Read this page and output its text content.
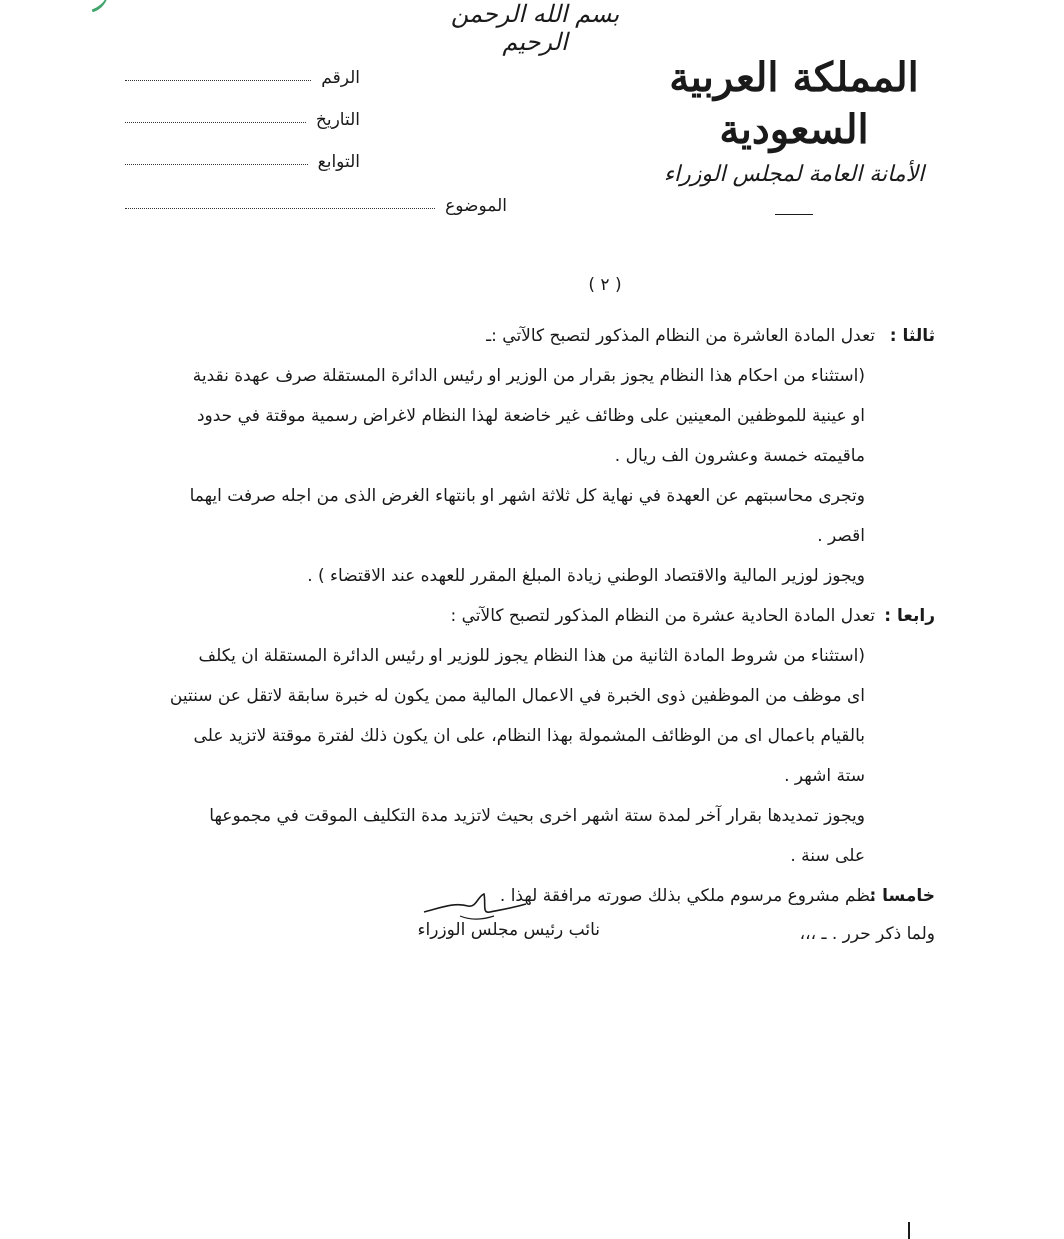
بسم الله الرحمن الرحيم
المملكة العربية السعودية
الأمانة العامة لمجلس الوزراء
الرقم
التاريخ
التوابع
الموضوع
( ٢ )
ثالثا :تعدل المادة العاشرة من النظام المذكور لتصبح كالآتي :ـ
(استثناء من احكام هذا النظام يجوز بقرار من الوزير او رئيس الدائرة المستقلة صرف عهدة نقدية
او عينية للموظفين المعينين على وظائف غير خاضعة لهذا النظام لاغراض رسمية موقتة في حدود
ماقيمته خمسة وعشرون الف ريال .
وتجرى محاسبتهم عن العهدة في نهاية كل ثلاثة اشهر او بانتهاء الغرض الذى من اجله صرفت ايهما
اقصر .
ويجوز لوزير المالية والاقتصاد الوطني زيادة المبلغ المقرر للعهده عند الاقتضاء ) .
رابعا :تعدل المادة الحادية عشرة من النظام المذكور لتصبح كالآتي :
(استثناء من شروط المادة الثانية من هذا النظام يجوز للوزير او رئيس الدائرة المستقلة ان يكلف
اى موظف من الموظفين ذوى الخبرة في الاعمال المالية ممن يكون له خبرة سابقة لاتقل عن سنتين
بالقيام باعمال اى من الوظائف المشمولة بهذا النظام، على ان يكون ذلك لفترة موقتة لاتزيد على
ستة اشهر .
ويجوز تمديدها بقرار آخر لمدة ستة اشهر اخرى بحيث لاتزيد مدة التكليف الموقت في مجموعها
على سنة .
خامسا :نظم مشروع مرسوم ملكي بذلك صورته مرافقة لهذا .
ولما ذكر حرر . ـ ،،،
نائب رئيس مجلس الوزراء
